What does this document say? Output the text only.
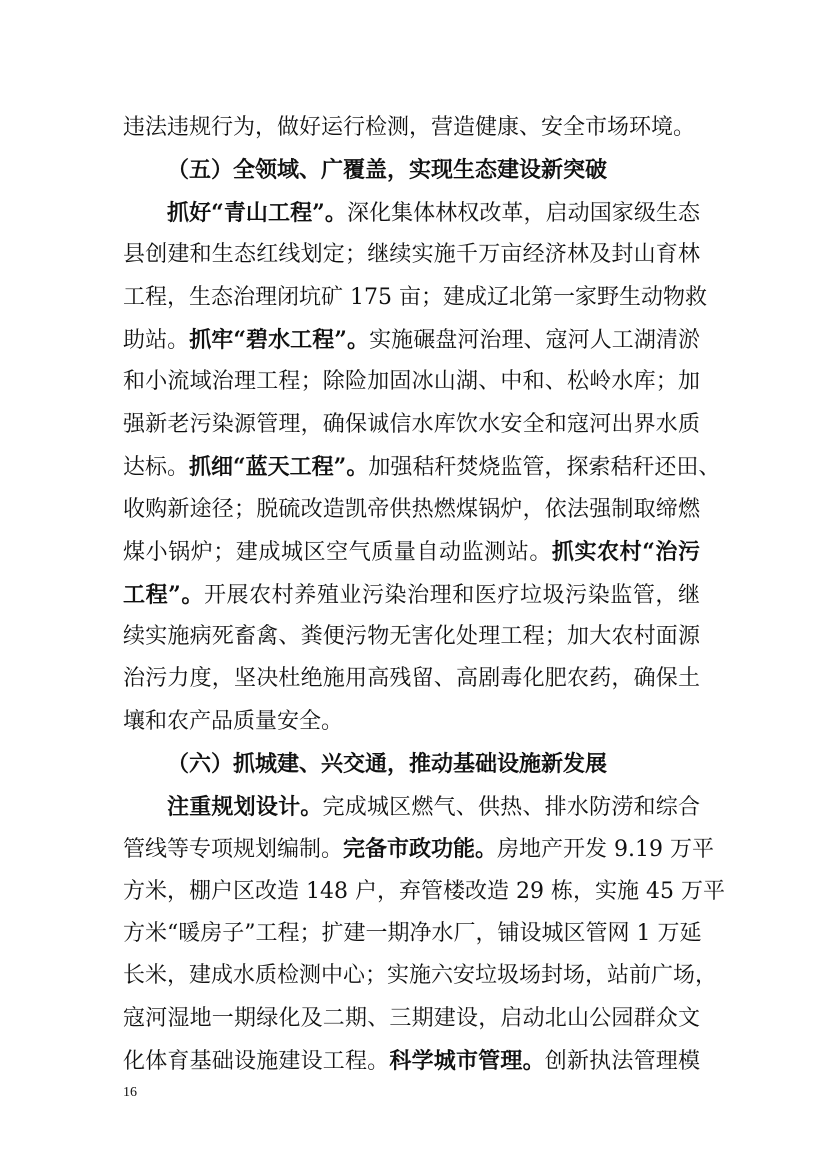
违法违规行为，做好运行检测，营造健康、安全市场环境。
（五）全领域、广覆盖，实现生态建设新突破
抓好“青山工程”。深化集体林权改革，启动国家级生态
县创建和生态红线划定；继续实施千万亩经济林及封山育林
工程，生态治理闭坑矿 175 亩；建成辽北第一家野生动物救
助站。抓牢“碧水工程”。实施碾盘河治理、寇河人工湖清淤
和小流域治理工程；除险加固冰山湖、中和、松岭水库；加
强新老污染源管理，确保诚信水库饮水安全和寇河出界水质
达标。抓细“蓝天工程”。加强秸秆焚烧监管，探索秸秆还田、
收购新途径；脱硫改造凯帝供热燃煤锅炉，依法强制取缔燃
煤小锅炉；建成城区空气质量自动监测站。抓实农村“治污
工程”。开展农村养殖业污染治理和医疗垃圾污染监管，继
续实施病死畜禽、粪便污物无害化处理工程；加大农村面源
治污力度，坚决杜绝施用高残留、高剧毒化肥农药，确保土
壤和农产品质量安全。
（六）抓城建、兴交通，推动基础设施新发展
注重规划设计。完成城区燃气、供热、排水防涝和综合
管线等专项规划编制。完备市政功能。房地产开发 9.19 万平
方米，棚户区改造 148 户，弃管楼改造 29 栋，实施 45 万平
方米“暖房子”工程；扩建一期净水厂，铺设城区管网 1 万延
长米，建成水质检测中心；实施六安垃圾场封场，站前广场，
寇河湿地一期绿化及二期、三期建设，启动北山公园群众文
化体育基础设施建设工程。科学城市管理。创新执法管理模
16
